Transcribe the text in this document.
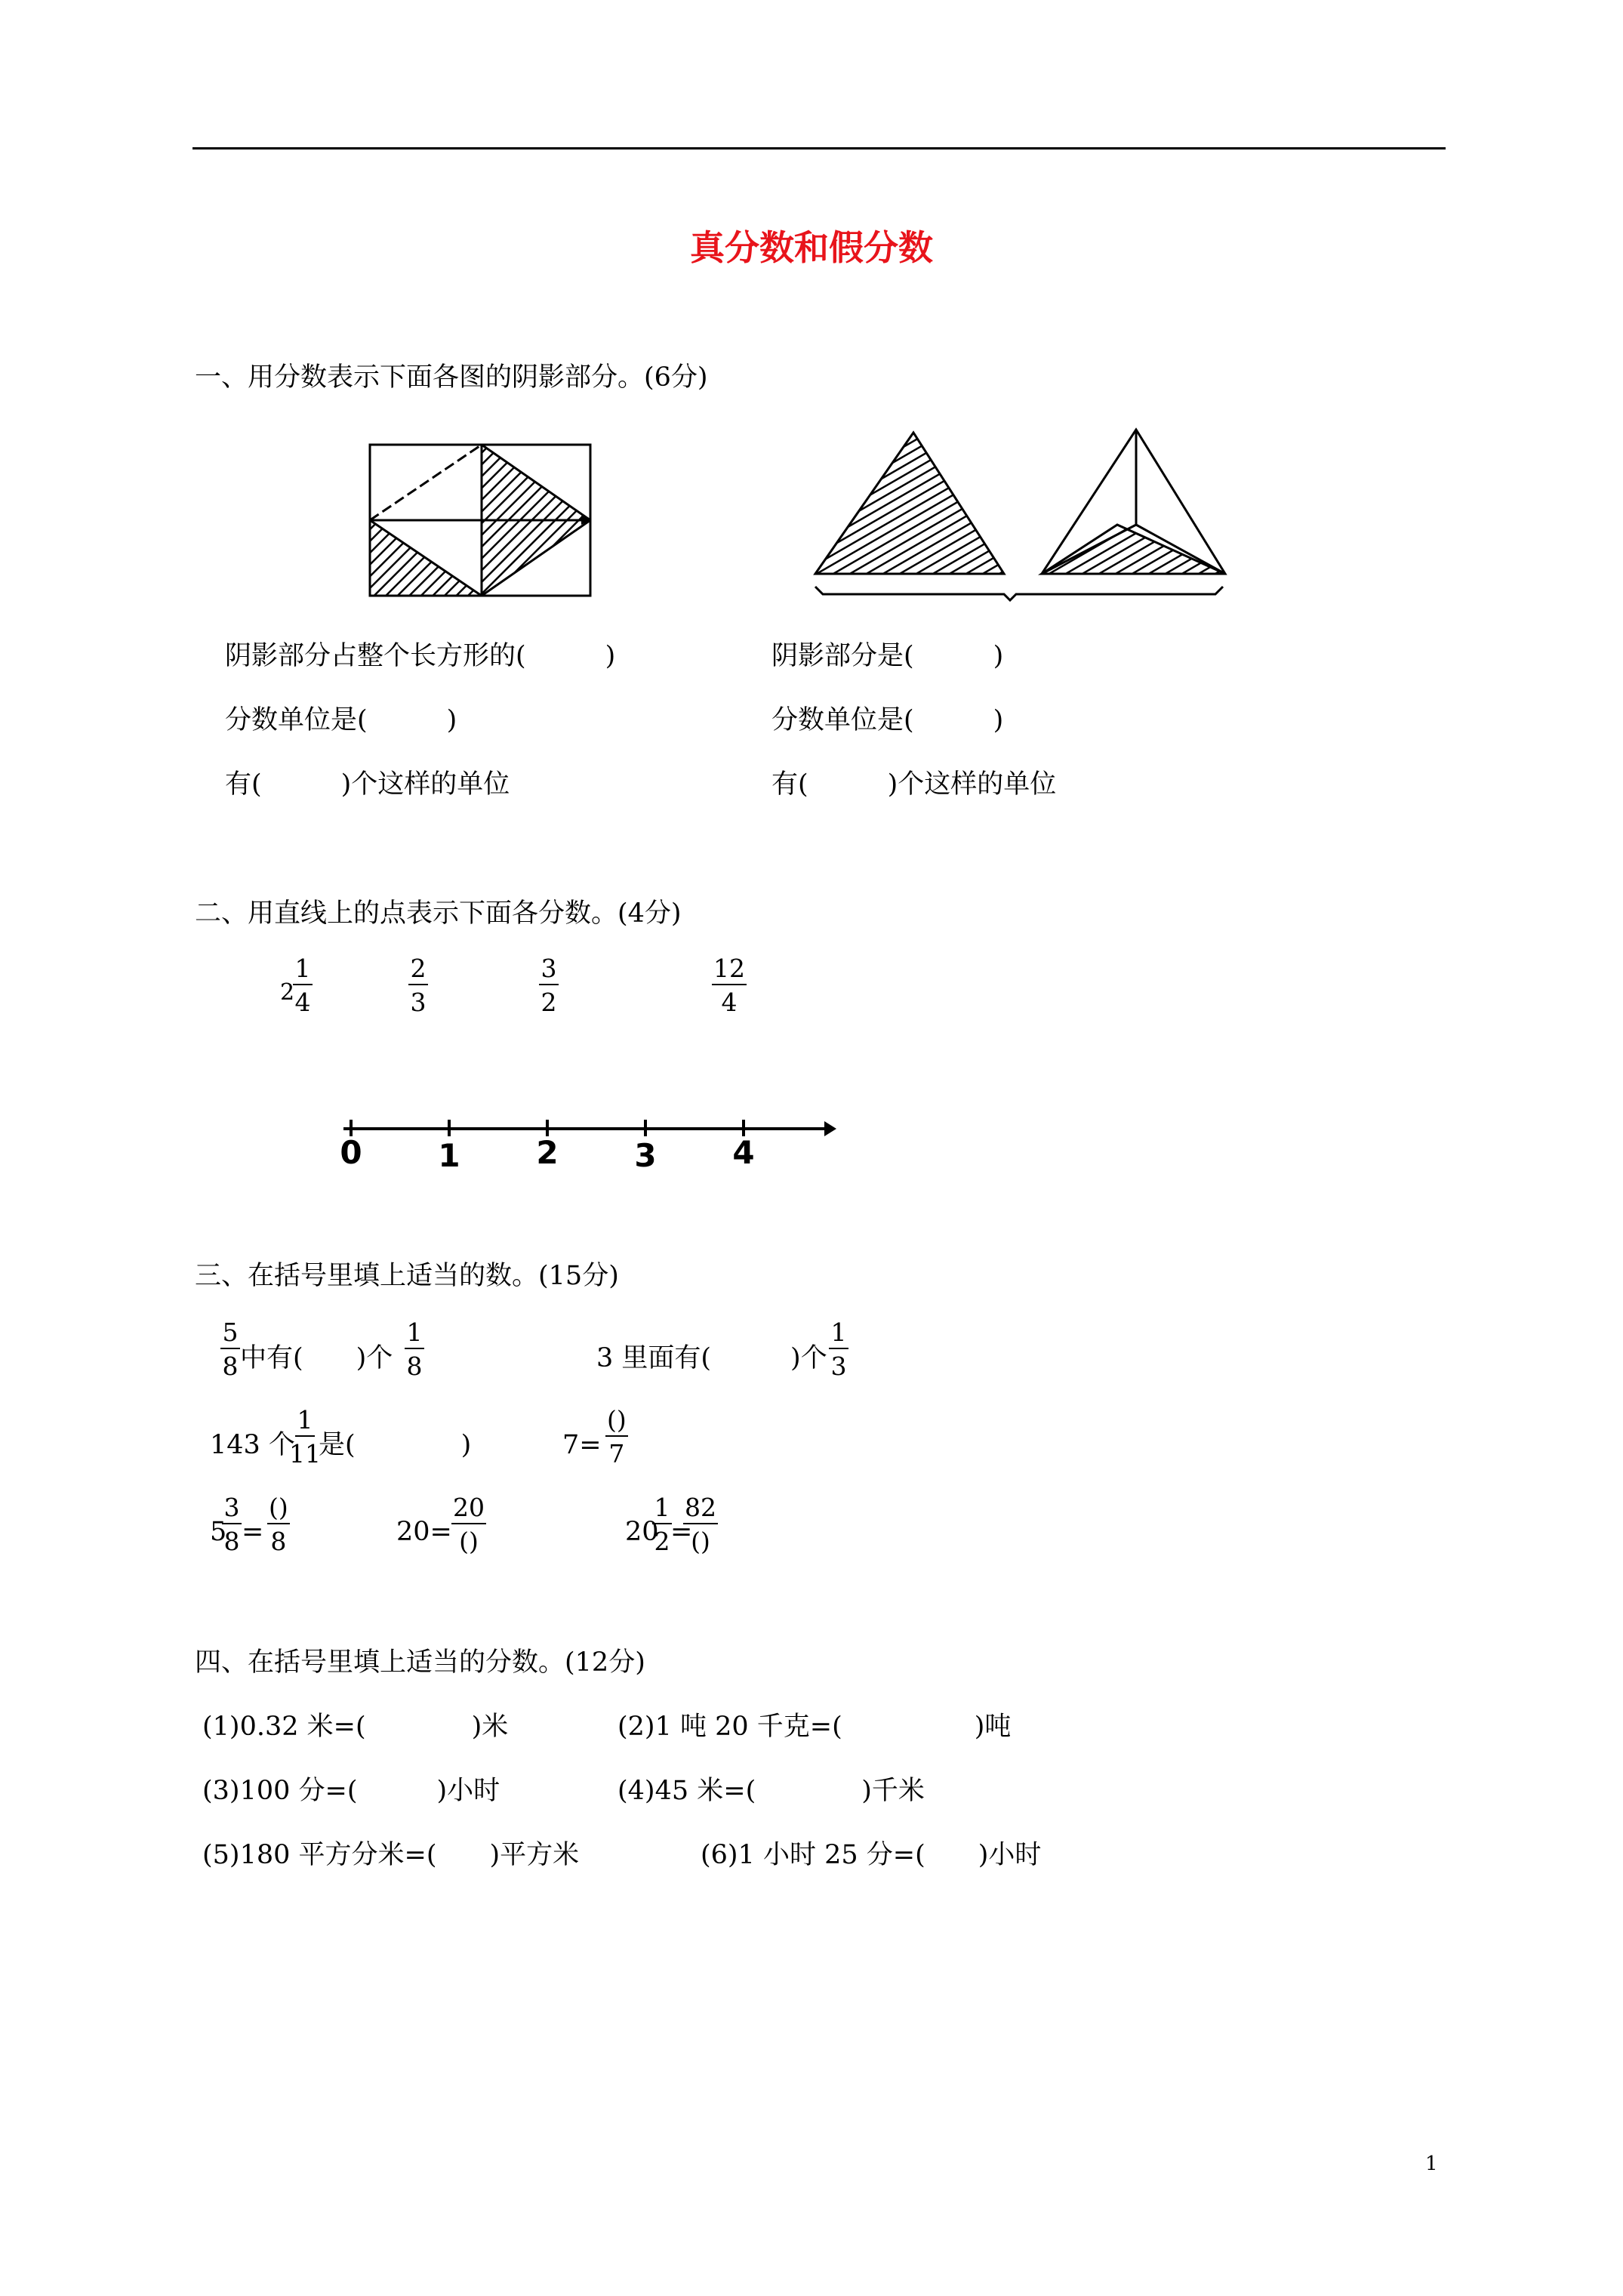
真分数和假分数
一、用分数表示下面各图的阴影部分。(6分)
阴影部分占整个长方形的(　　　)
分数单位是(　　　)
有(　　　)个这样的单位
阴影部分是(　　　)
分数单位是(　　　)
有(　　　)个这样的单位
二、用直线上的点表示下面各分数。(4分)
2
$\frac{1}{4}$	$\frac{2}{3}$	$\frac{3}{2}$	$\frac{12}{4}$
0 1 2 3 4
三、在括号里填上适当的数。(15分)
$\frac{5}{8}$ 中有(　　)个 $\frac{1}{8}$	3 里面有(　　　)个 $\frac{1}{3}$
143 个
$\frac{1}{11}$
是(　　　　)	7=
()
7
5
$\frac{3}{8}$ =
()
8	20=
20
()	20
$\frac{1}{2}$
=
82
()
四、在括号里填上适当的分数。(12分)
(1)0.32 米=(　　　　)米	(2)1 吨 20 千克=(　　　　　)吨
(3)100 分=(　　　)小时	(4)45 米=(　　　　)千米
(5)180 平方分米=(　　)平方米	(6)1 小时 25 分=(　　)小时
1
